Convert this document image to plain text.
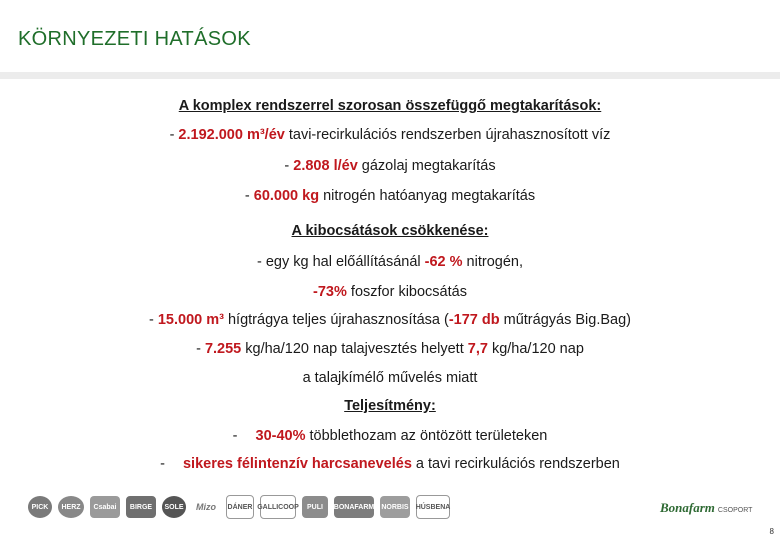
KÖRNYEZETI HATÁSOK
A komplex rendszerrel szorosan összefüggő megtakarítások:
- 2.192.000 m³/év tavi-recirkulációs rendszerben újrahasznosított víz
- 2.808 l/év gázolaj megtakarítás
- 60.000 kg nitrogén hatóanyag megtakarítás
A kibocsátások csökkenése:
- egy kg hal előállításánál -62 % nitrogén,
-73% foszfor kibocsátás
- 15.000 m³ hígtrágya teljes újrahasznosítása (-177 db műtrágyás Big.Bag)
- 7.255 kg/ha/120 nap talajvesztés helyett 7,7 kg/ha/120 nap
a talajkímélő művelés miatt
Teljesítmény:
- 30-40% többlethozam az öntözött területeken
- sikeres félintenzív harcsanevelés a tavi recirkulációs rendszerben
PICK	HERZ	Csabai	BIRGE	SOLE	Mizo	DÁNER GALLICOOP	PULI	BONAFARM NORBIS HÚSBENA	Bonafarm CSOPORT
8
